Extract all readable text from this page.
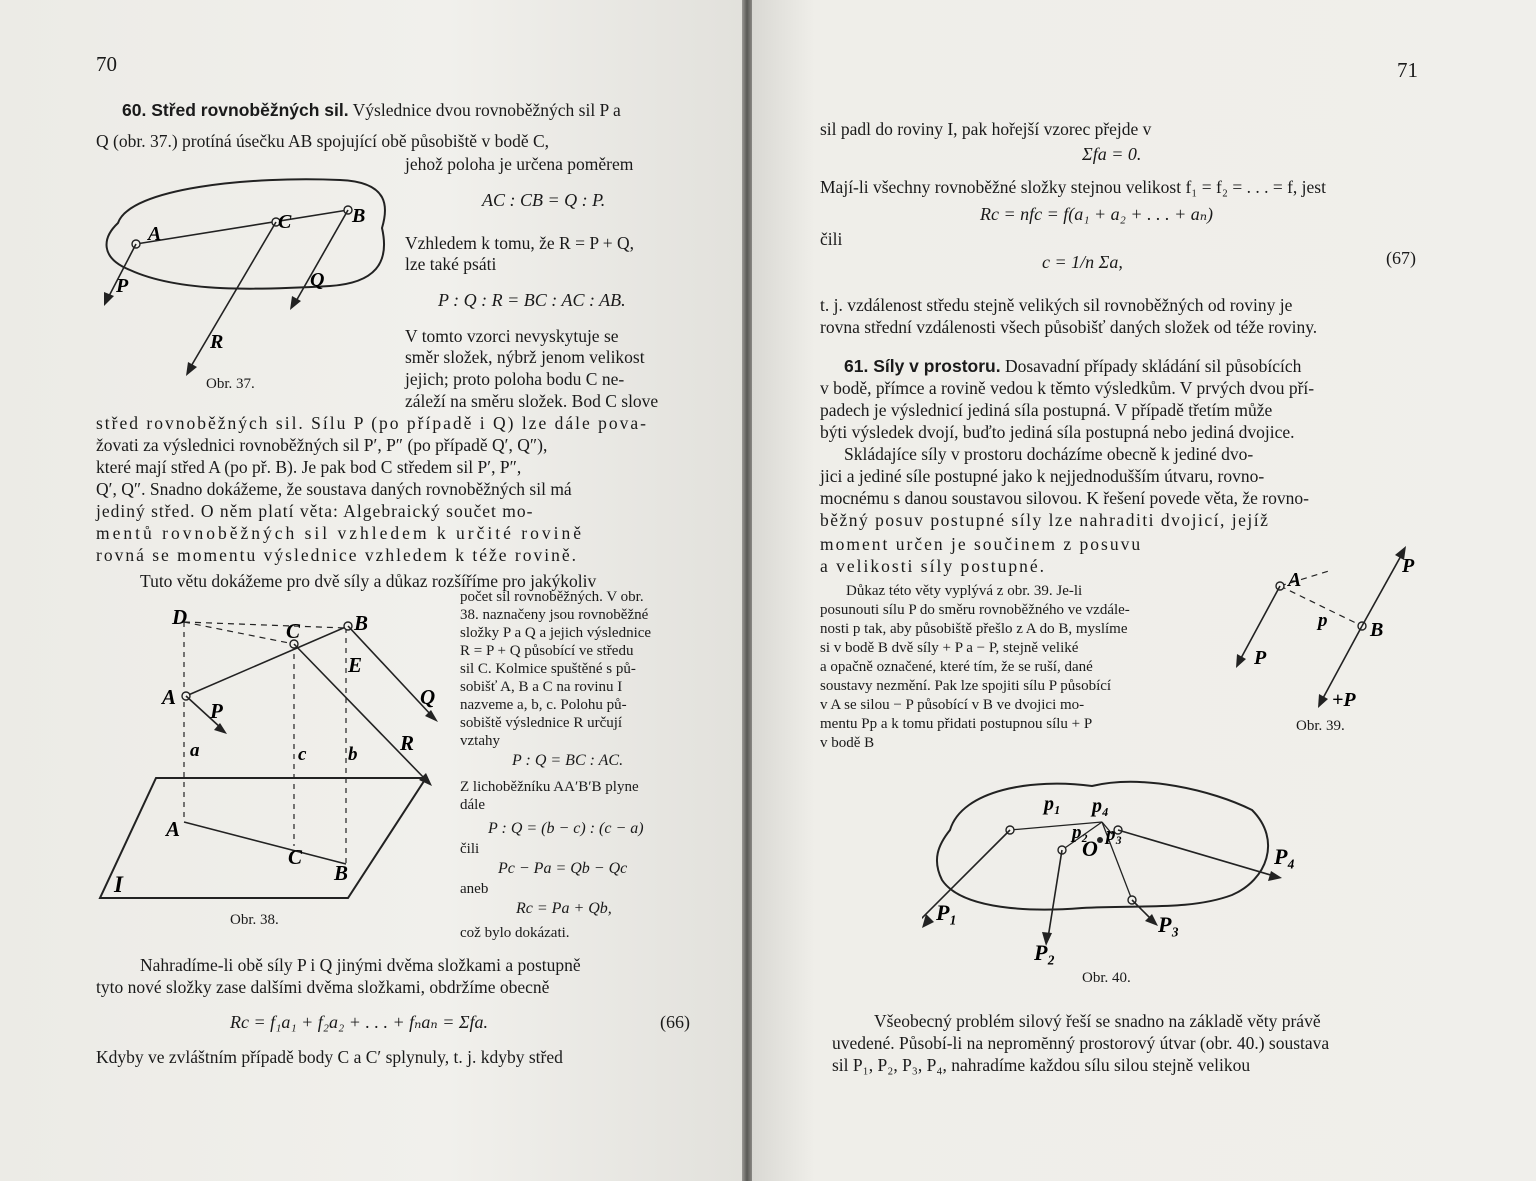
70
60. Střed rovnoběžných sil. Výslednice dvou rovnoběžných sil P a
Q (obr. 37.) protíná úsečku AB spojující obě působiště v bodě C,
jehož poloha je určena poměrem
AC : CB = Q : P.
Vzhledem k tomu, že R = P + Q,
lze také psáti
P : Q : R = BC : AC : AB.
V tomto vzorci nevyskytuje se
směr složek, nýbrž jenom velikost
jejich; proto poloha bodu C ne-
záleží na směru složek. Bod C slove
A
C	B
P	Q
R
Obr. 37.
střed rovnoběžných sil. Sílu P (po případě i Q) lze dále pova-
žovati za výslednici rovnoběžných sil P′, P″ (po případě Q′, Q″),
které mají střed A (po př. B). Je pak bod C středem sil P′, P″,
Q′, Q″. Snadno dokážeme, že soustava daných rovnoběžných sil má
jediný střed. O něm platí věta: Algebraický součet mo-
mentů rovnoběžných sil vzhledem k určité rovině
rovná se momentu výslednice vzhledem k téže rovině.
Tuto větu dokážeme pro dvě síly a důkaz rozšíříme pro jakýkoliv
D
C	B
E
A
P
Q
R
a	c b
A
C
B
I
Obr. 38.
počet sil rovnoběžných. V obr.
38. naznačeny jsou rovnoběžné
složky P a Q a jejich výslednice
R = P + Q působící ve středu
sil C. Kolmice spuštěné s pů-
sobišť A, B a C na rovinu I
nazveme a, b, c. Polohu pů-
sobiště výslednice R určují
vztahy
P : Q = BC : AC.
Z lichoběžníku AA′B′B plyne
dále
P : Q = (b − c) : (c − a)
čili
Pc − Pa = Qb − Qc
aneb
Rc = Pa + Qb,
což bylo dokázati.
Nahradíme-li obě síly P i Q jinými dvěma složkami a postupně
tyto nové složky zase dalšími dvěma složkami, obdržíme obecně
Rc = f₁a₁ + f₂a₂ + . . . + fₙaₙ = Σfa.	(66)
Kdyby ve zvláštním případě body C a C′ splynuly, t. j. kdyby střed
71
sil padl do roviny I, pak hořejší vzorec přejde v
Σfa = 0.
Mají-li všechny rovnoběžné složky stejnou velikost f₁ = f₂ = . . . = f, jest
Rc = nfc = f(a₁ + a₂ + . . . + aₙ)
čili
c = 1/n Σa,	(67)
t. j. vzdálenost středu stejně velikých sil rovnoběžných od roviny je
rovna střední vzdálenosti všech působišť daných složek od téže roviny.
61. Síly v prostoru. Dosavadní případy skládání sil působících
v bodě, přímce a rovině vedou k těmto výsledkům. V prvých dvou pří-
padech je výslednicí jediná síla postupná. V případě třetím může
býti výsledek dvojí, buďto jediná síla postupná nebo jediná dvojice.
Skládajíce síly v prostoru docházíme obecně k jediné dvo-
jici a jediné síle postupné jako k nejjednodušším útvaru, rovno-
mocnému s danou soustavou silovou. K řešení povede věta, že rovno-
běžný posuv postupné síly lze nahraditi dvojicí, jejíž
moment určen je součinem z posuvu
a velikosti síly postupné.
Důkaz této věty vyplývá z obr. 39. Je-li
posunouti sílu P do směru rovnoběžného ve vzdále-
nosti p tak, aby působiště přešlo z A do B, myslíme
si v bodě B dvě síly + P a − P, stejně veliké
a opačně označené, které tím, že se ruší, dané
soustavy nezmění. Pak lze spojiti sílu P působící
v A se silou − P působící v B ve dvojici mo-
mentu Pp a k tomu přidati postupnou sílu + P
v bodě B
A
P
p B
P
+P
Obr. 39.
P₁
P₂
P₃
P₄
p₁ p₄
p₂ p₃
O
Obr. 40.
Všeobecný problém silový řeší se snadno na základě věty právě
uvedené. Působí-li na nepromĕnný prostorový útvar (obr. 40.) soustava
sil P₁, P₂, P₃, P₄, nahradíme každou sílu silou stejně velikou
